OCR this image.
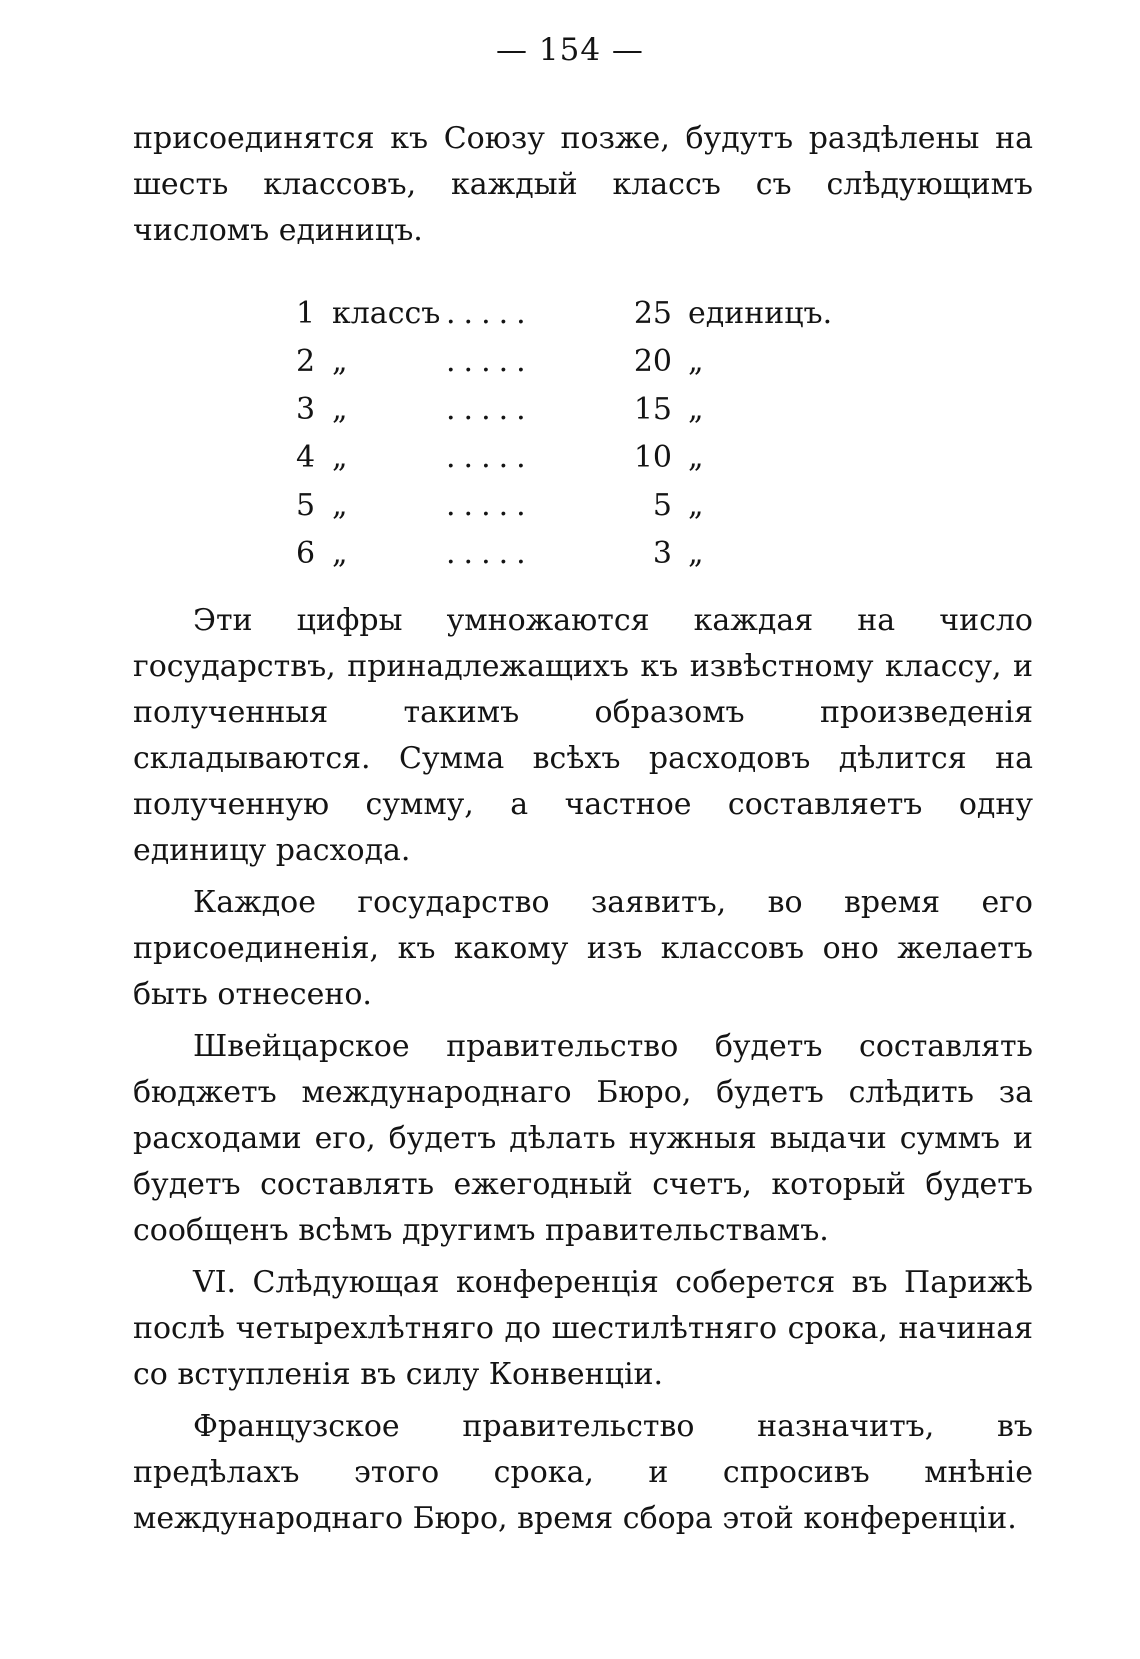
— 154 —

присоединятся къ Союзу позже, будутъ раздѣлены на шесть классовъ, каждый классъ съ слѣдующимъ числомъ единицъ.

1 классъ .....	25 единицъ.
2 „	.....	20 „
3 „	.....	15 „
4 „	.....	10 „
5 „	.....	5 „
6 „	.....	3 „

Эти цифры умножаются каждая на число государствъ, принадлежащихъ къ извѣстному классу, и полученныя такимъ образомъ произведенія складываются. Сумма всѣхъ расходовъ дѣлится на полученную сумму, а частное составляетъ одну единицу расхода.

Каждое государство заявитъ, во время его присоединенія, къ какому изъ классовъ оно желаетъ быть отнесено.

Швейцарское правительство будетъ составлять бюджетъ международнаго Бюро, будетъ слѣдить за расходами его, будетъ дѣлать нужныя выдачи суммъ и будетъ составлять ежегодный счетъ, который будетъ сообщенъ всѣмъ другимъ правительствамъ.

VI. Слѣдующая конференція соберется въ Парижѣ послѣ четырехлѣтняго до шестилѣтняго срока, начиная со вступленія въ силу Конвенціи.

Французское правительство назначитъ, въ предѣлахъ этого срока, и спросивъ мнѣніе международнаго Бюро, время сбора этой конференціи.
